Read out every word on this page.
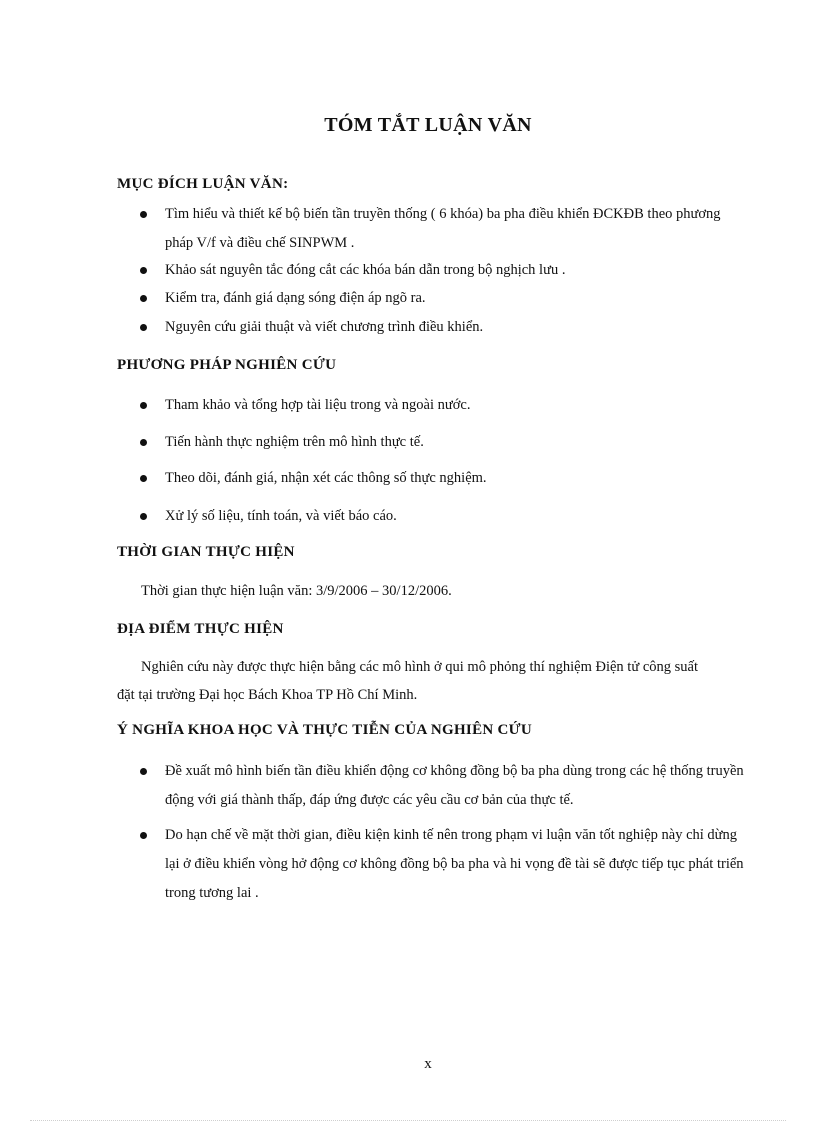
TÓM TẮT LUẬN VĂN
MỤC ĐÍCH LUẬN VĂN:
Tìm hiểu và thiết kế bộ biến tần truyền thống ( 6 khóa) ba pha điều khiển ĐCKĐB theo phương pháp V/f và điều chế SINPWM .
Khảo sát nguyên tắc đóng cắt các khóa bán dẫn trong bộ nghịch lưu .
Kiểm tra, đánh giá dạng sóng điện áp ngõ ra.
Nguyên cứu giải thuật và viết chương trình điều khiển.
PHƯƠNG PHÁP NGHIÊN CỨU
Tham khảo và tổng hợp tài liệu trong và ngoài nước.
Tiến hành thực nghiệm trên mô hình thực tế.
Theo dõi, đánh giá, nhận xét các thông số thực nghiệm.
Xử lý số liệu, tính toán, và viết báo cáo.
THỜI GIAN THỰC HIỆN
Thời gian thực hiện luận văn: 3/9/2006 – 30/12/2006.
ĐỊA ĐIỂM THỰC HIỆN
Nghiên cứu này được thực hiện bằng các mô hình ở qui mô phỏng thí nghiệm Điện tử công suất đặt tại trường Đại học Bách Khoa TP Hồ Chí Minh.
Ý NGHĨA KHOA HỌC VÀ THỰC TIỄN CỦA NGHIÊN CỨU
Đề xuất mô hình biến tần điều khiển động cơ không đồng bộ ba pha dùng trong các hệ thống truyền động với giá thành thấp, đáp ứng được các yêu cầu cơ bản của thực tế.
Do hạn chế về mặt thời gian, điều kiện kinh tế nên trong phạm vi luận văn tốt nghiệp này chỉ dừng lại ở điều khiển vòng hở động cơ không đồng bộ ba pha và hi vọng đề tài sẽ được tiếp tục phát triển trong tương lai .
x
